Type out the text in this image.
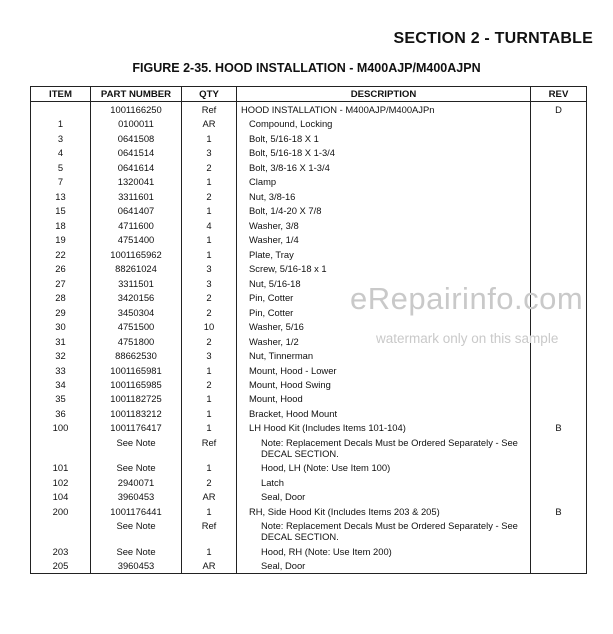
SECTION 2 - TURNTABLE
FIGURE 2-35. HOOD INSTALLATION - M400AJP/M400AJPN
ITEM	PART NUMBER	QTY	DESCRIPTION	REV
	1001166250	Ref	HOOD INSTALLATION - M400AJP/M400AJPn	D
1	0100011	AR	Compound, Locking	
3	0641508	1	Bolt, 5/16-18 X 1	
4	0641514	3	Bolt, 5/16-18 X 1-3/4	
5	0641614	2	Bolt, 3/8-16 X 1-3/4	
7	1320041	1	Clamp	
13	3311601	2	Nut, 3/8-16	
15	0641407	1	Bolt, 1/4-20 X 7/8	
18	4711600	4	Washer, 3/8	
19	4751400	1	Washer, 1/4	
22	1001165962	1	Plate, Tray	
26	88261024	3	Screw, 5/16-18 x 1	
27	3311501	3	Nut, 5/16-18	
28	3420156	2	Pin, Cotter	
29	3450304	2	Pin, Cotter	
30	4751500	10	Washer, 5/16	
31	4751800	2	Washer, 1/2	
32	88662530	3	Nut, Tinnerman	
33	1001165981	1	Mount, Hood - Lower	
34	1001165985	2	Mount, Hood Swing	
35	1001182725	1	Mount, Hood	
36	1001183212	1	Bracket, Hood Mount	
100	1001176417	1	LH Hood Kit (Includes Items 101-104)	B
	See Note	Ref	Note: Replacement Decals Must be Ordered Separately - See DECAL SECTION.	
101	See Note	1	Hood, LH (Note: Use Item 100)	
102	2940071	2	Latch	
104	3960453	AR	Seal, Door	
200	1001176441	1	RH, Side Hood Kit (Includes Items 203 & 205)	B
	See Note	Ref	Note: Replacement Decals Must be Ordered Separately - See DECAL SECTION.	
203	See Note	1	Hood, RH (Note: Use Item 200)	
205	3960453	AR	Seal, Door	
eRepairinfo.com
watermark only on this sample
